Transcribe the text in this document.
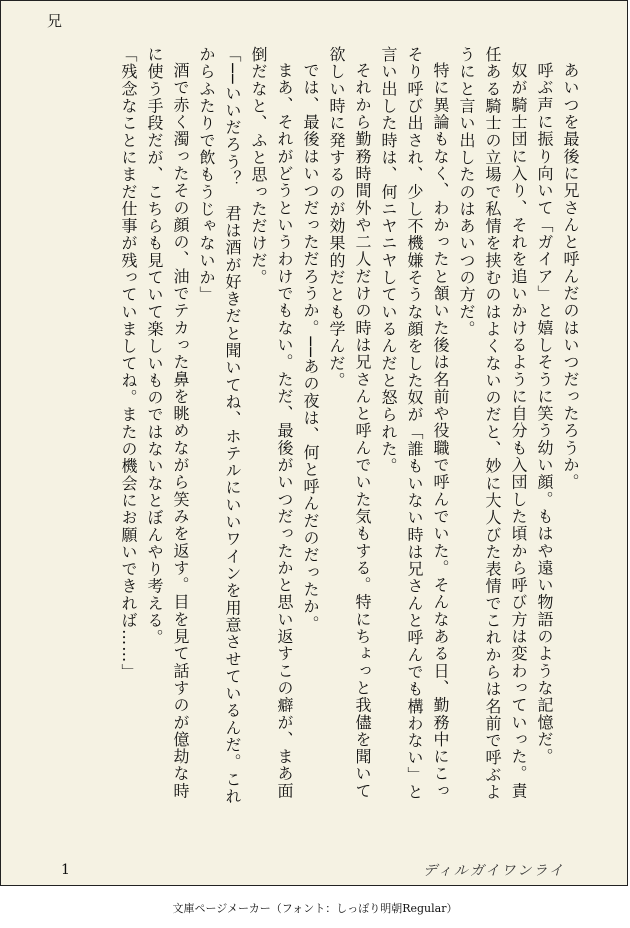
兄

あいつを最後に兄さんと呼んだのはいつだったろうか。

呼ぶ声に振り向いて「ガイア」と嬉しそうに笑う幼い顔。もはや遠い物語のような記憶だ。

奴が騎士団に入り、それを追いかけるように自分も入団した頃から呼び方は変わっていった。責任ある騎士の立場で私情を挟むのはよくないのだと、妙に大人びた表情でこれからは名前で呼ぶようにと言い出したのはあいつの方だ。

特に異論もなく、わかったと頷いた後は名前や役職で呼んでいた。そんなある日、勤務中にこっそり呼び出され、少し不機嫌そうな顔をした奴が「誰もいない時は兄さんと呼んでも構わない」と言い出した時は、何ニヤニヤしているんだと怒られた。

それから勤務時間外や二人だけの時は兄さんと呼んでいた気もする。特にちょっと我儘を聞いて欲しい時に発するのが効果的だとも学んだ。

では、最後はいつだっただろうか。──あの夜は、何と呼んだのだったか。

まあ、それがどうというわけでもない。ただ、最後がいつだったかと思い返すこの癖が、まあ面倒だなと、ふと思っただけだ。

「──いいだろう？　君は酒が好きだと聞いてね、ホテルにいいワインを用意させているんだ。これからふたりで飲もうじゃないか」

酒で赤く濁ったその顔の、油でテカった鼻を眺めながら笑みを返す。目を見て話すのが億劫な時に使う手段だが、こちらも見ていて楽しいものではないなとぼんやり考える。

「残念なことにまだ仕事が残っていましてね。またの機会にお願いできれば……」

1	ディルガイワンライ
文庫ページメーカー（フォント：しっぽり明朝Regular）
